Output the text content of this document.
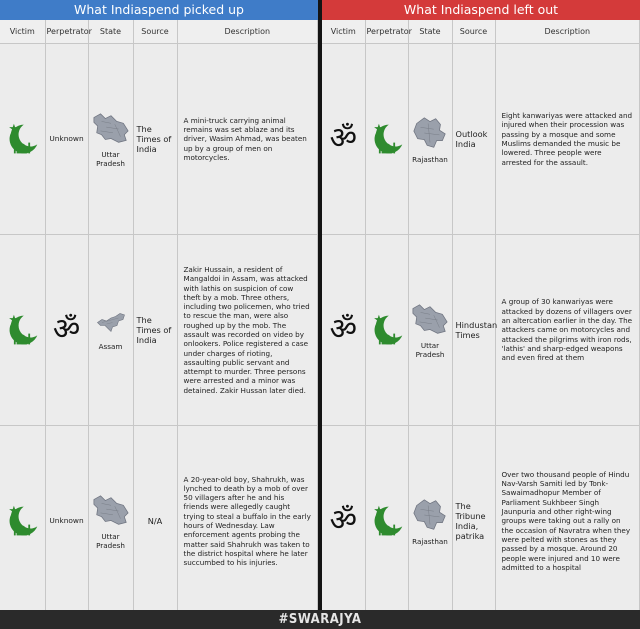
What Indiaspend picked up
Victim	Perpetrator	State	Source	Description
	Unknown	Uttar Pradesh	The Times of India	A mini-truck carrying animal remains was set ablaze and its driver, Wasim Ahmad, was beaten up by a group of men on motorcycles.
	ॐ	Assam	The Times of India	Zakir Hussain, a resident of Mangaldoi in Assam, was attacked with lathis on suspicion of cow theft by a mob. Three others, including two policemen, who tried to rescue the man, were also roughed up by the mob. The assault was recorded on video by onlookers. Police registered a case under charges of rioting, assaulting public servant and attempt to murder. Three persons were arrested and a minor was detained. Zakir Hussan later died.
	Unknown	Uttar Pradesh	N/A	A 20-year-old boy, Shahrukh, was lynched to death by a mob of over 50 villagers after he and his friends were allegedly caught trying to steal a buffalo in the early hours of Wednesday. Law enforcement agents probing the matter said Shahrukh was taken to the district hospital where he later succumbed to his injuries.
What Indiaspend left out
Victim	Perpetrator	State	Source	Description
ॐ		Rajasthan	Outlook India	Eight kanwariyas were attacked and injured when their procession was passing by a mosque and some Muslims demanded the music be lowered. Three people were arrested for the assault.
ॐ		Uttar Pradesh	Hindustan Times	A group of 30 kanwariyas were attacked by dozens of villagers over an altercation earlier in the day. The attackers came on motorcycles and attacked the pilgrims with iron rods, 'lathis' and sharp-edged weapons and even fired at them
ॐ		Rajasthan	The Tribune India, patrika	Over two thousand people of Hindu Nav-Varsh Samiti led by Tonk-Sawaimadhopur Member of Parliament Sukhbeer Singh Jaunpuria and other right-wing groups were taking out a rally on the occasion of Navratra when they were pelted with stones as they passed by a mosque. Around 20 people were injured and 10 were admitted to a hospital
#SWARAJYA
